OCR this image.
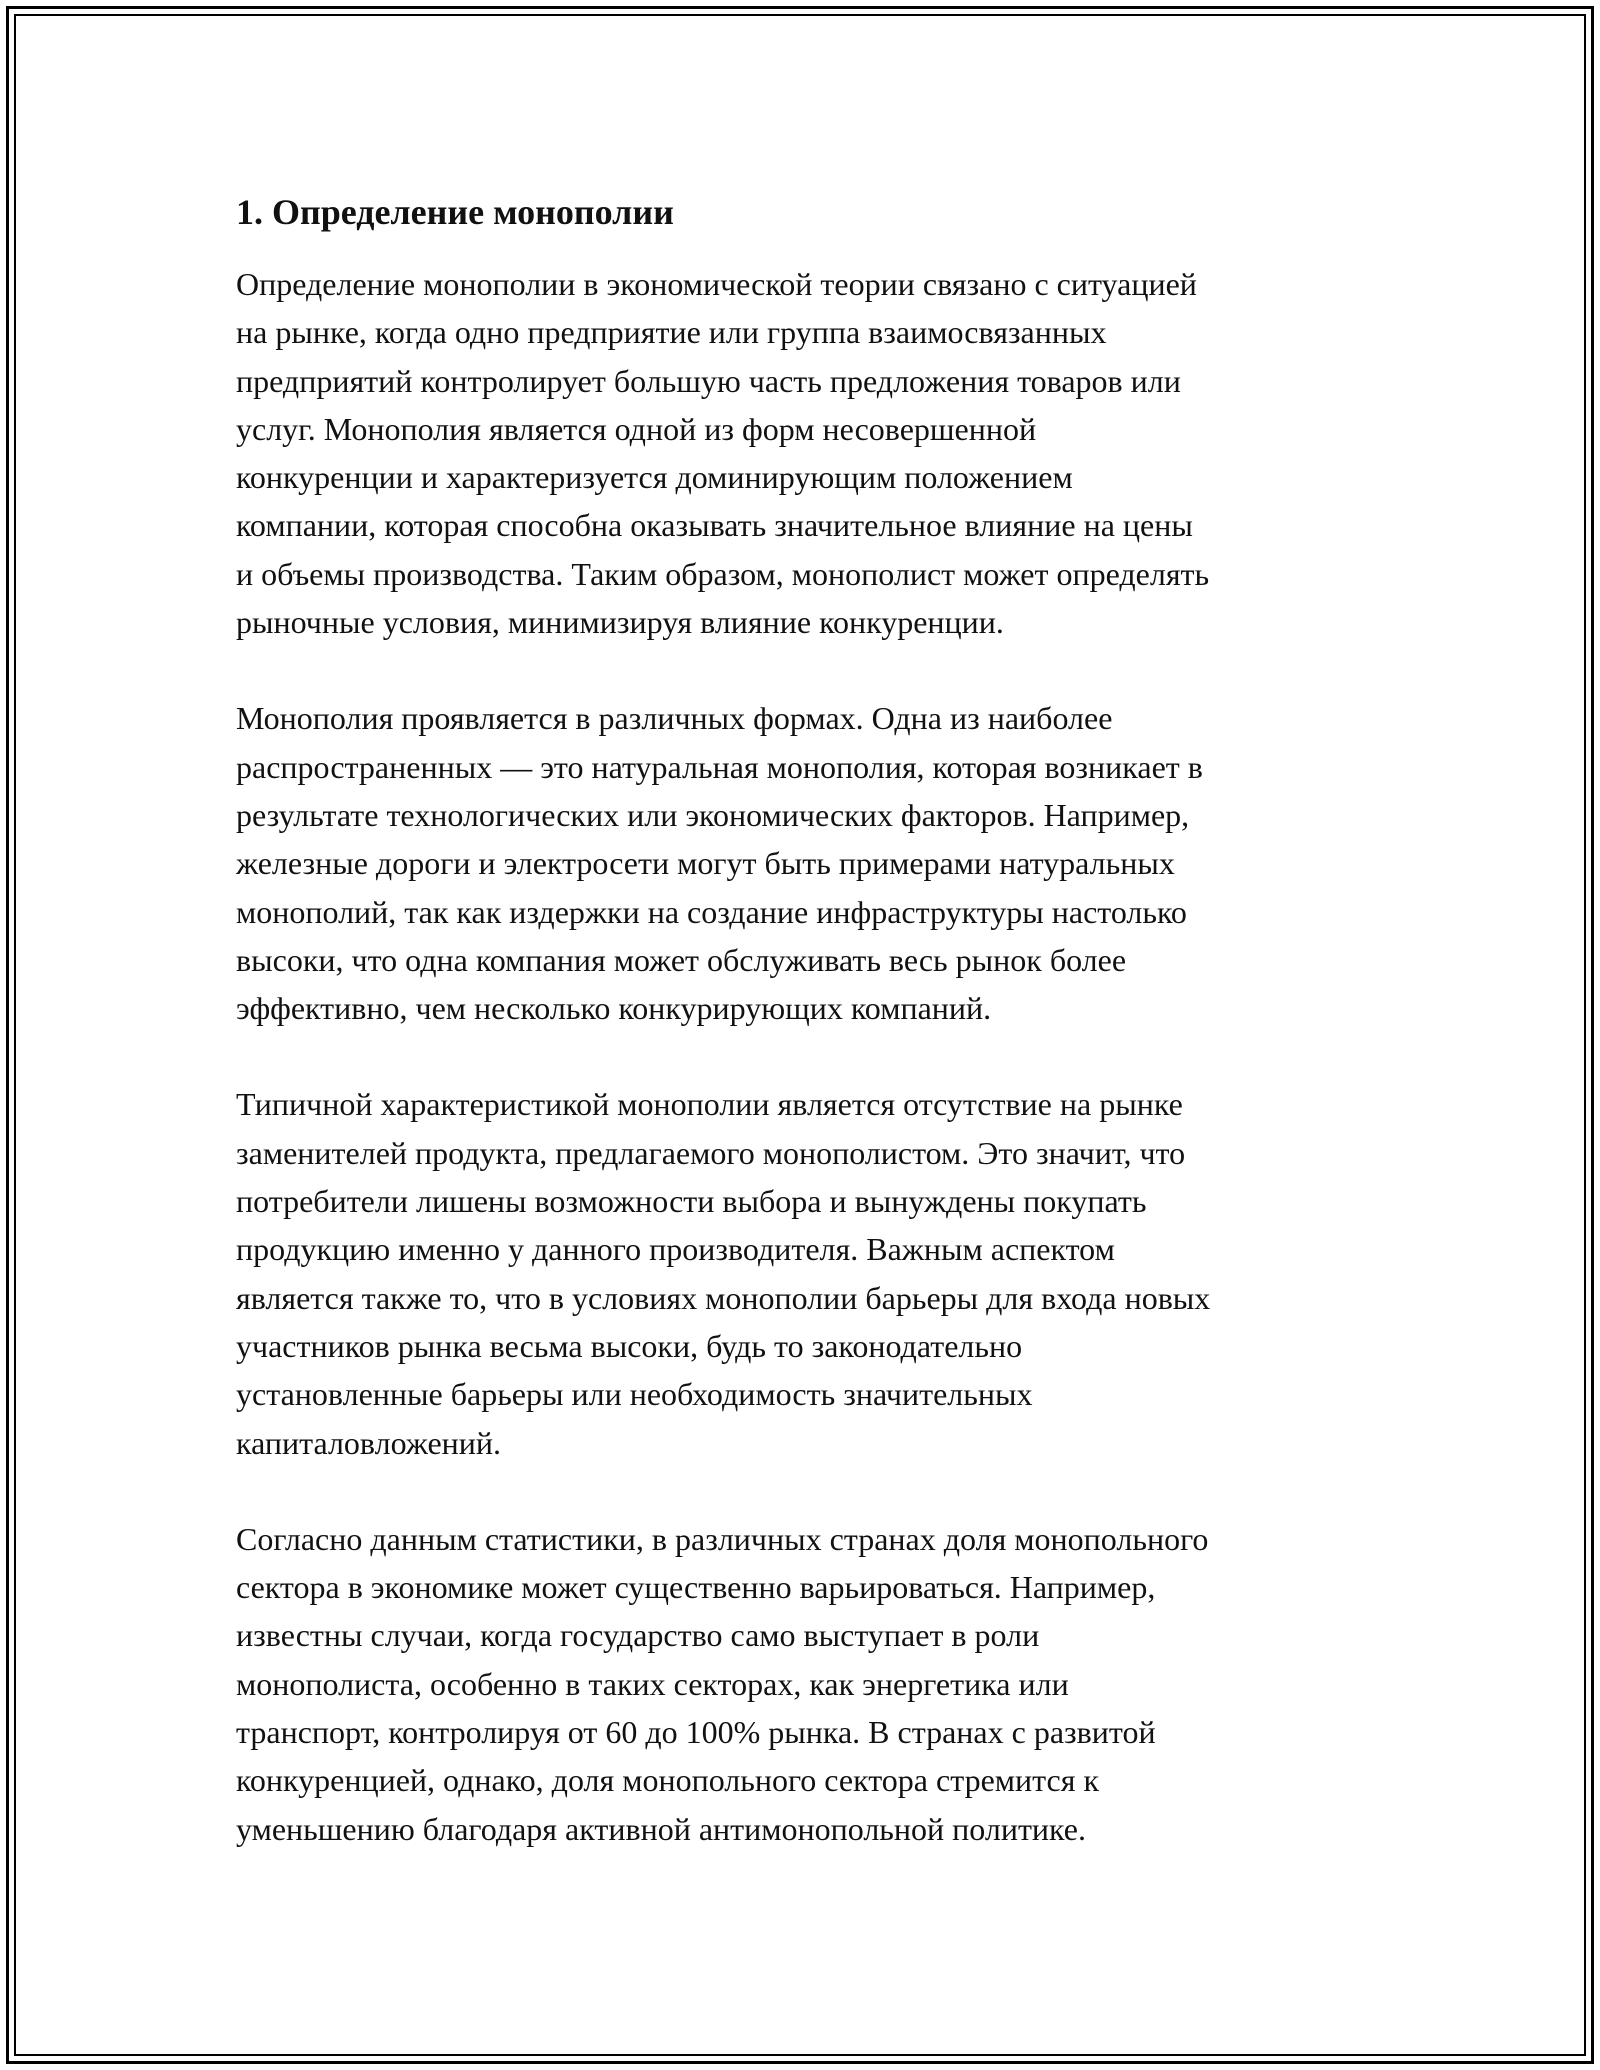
1. Определение монополии

Определение монополии в экономической теории связано с ситуацией
на рынке, когда одно предприятие или группа взаимосвязанных
предприятий контролирует большую часть предложения товаров или
услуг. Монополия является одной из форм несовершенной
конкуренции и характеризуется доминирующим положением
компании, которая способна оказывать значительное влияние на цены
и объемы производства. Таким образом, монополист может определять
рыночные условия, минимизируя влияние конкуренции.

Монополия проявляется в различных формах. Одна из наиболее
распространенных — это натуральная монополия, которая возникает в
результате технологических или экономических факторов. Например,
железные дороги и электросети могут быть примерами натуральных
монополий, так как издержки на создание инфраструктуры настолько
высоки, что одна компания может обслуживать весь рынок более
эффективно, чем несколько конкурирующих компаний.

Типичной характеристикой монополии является отсутствие на рынке
заменителей продукта, предлагаемого монополистом. Это значит, что
потребители лишены возможности выбора и вынуждены покупать
продукцию именно у данного производителя. Важным аспектом
является также то, что в условиях монополии барьеры для входа новых
участников рынка весьма высоки, будь то законодательно
установленные барьеры или необходимость значительных
капиталовложений.

Согласно данным статистики, в различных странах доля монопольного
сектора в экономике может существенно варьироваться. Например,
известны случаи, когда государство само выступает в роли
монополиста, особенно в таких секторах, как энергетика или
транспорт, контролируя от 60 до 100% рынка. В странах с развитой
конкуренцией, однако, доля монопольного сектора стремится к
уменьшению благодаря активной антимонопольной политике.
